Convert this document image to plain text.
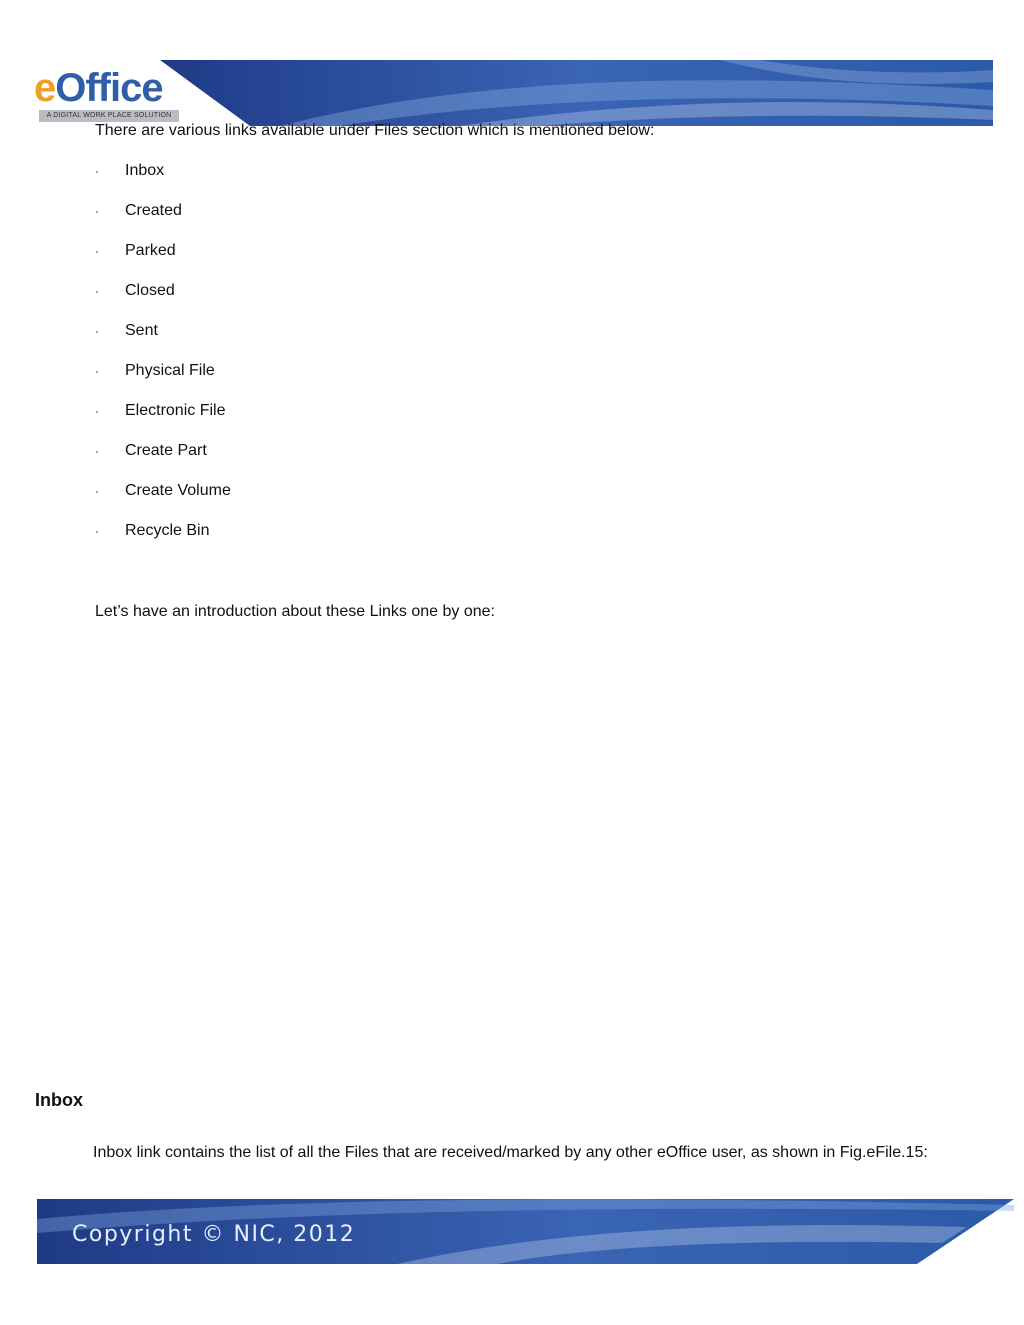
eOffice
A DIGITAL WORK PLACE SOLUTION
There are various links available under Files section which is mentioned below:
· Inbox
· Created
· Parked
· Closed
· Sent
· Physical File
· Electronic File
· Create Part
· Create Volume
· Recycle Bin
Let’s have an introduction about these Links one by one:
Inbox
Inbox link contains the list of all the Files that are received/marked by any other eOffice user, as shown in Fig.eFile.15:
Copyright © NIC, 2012
